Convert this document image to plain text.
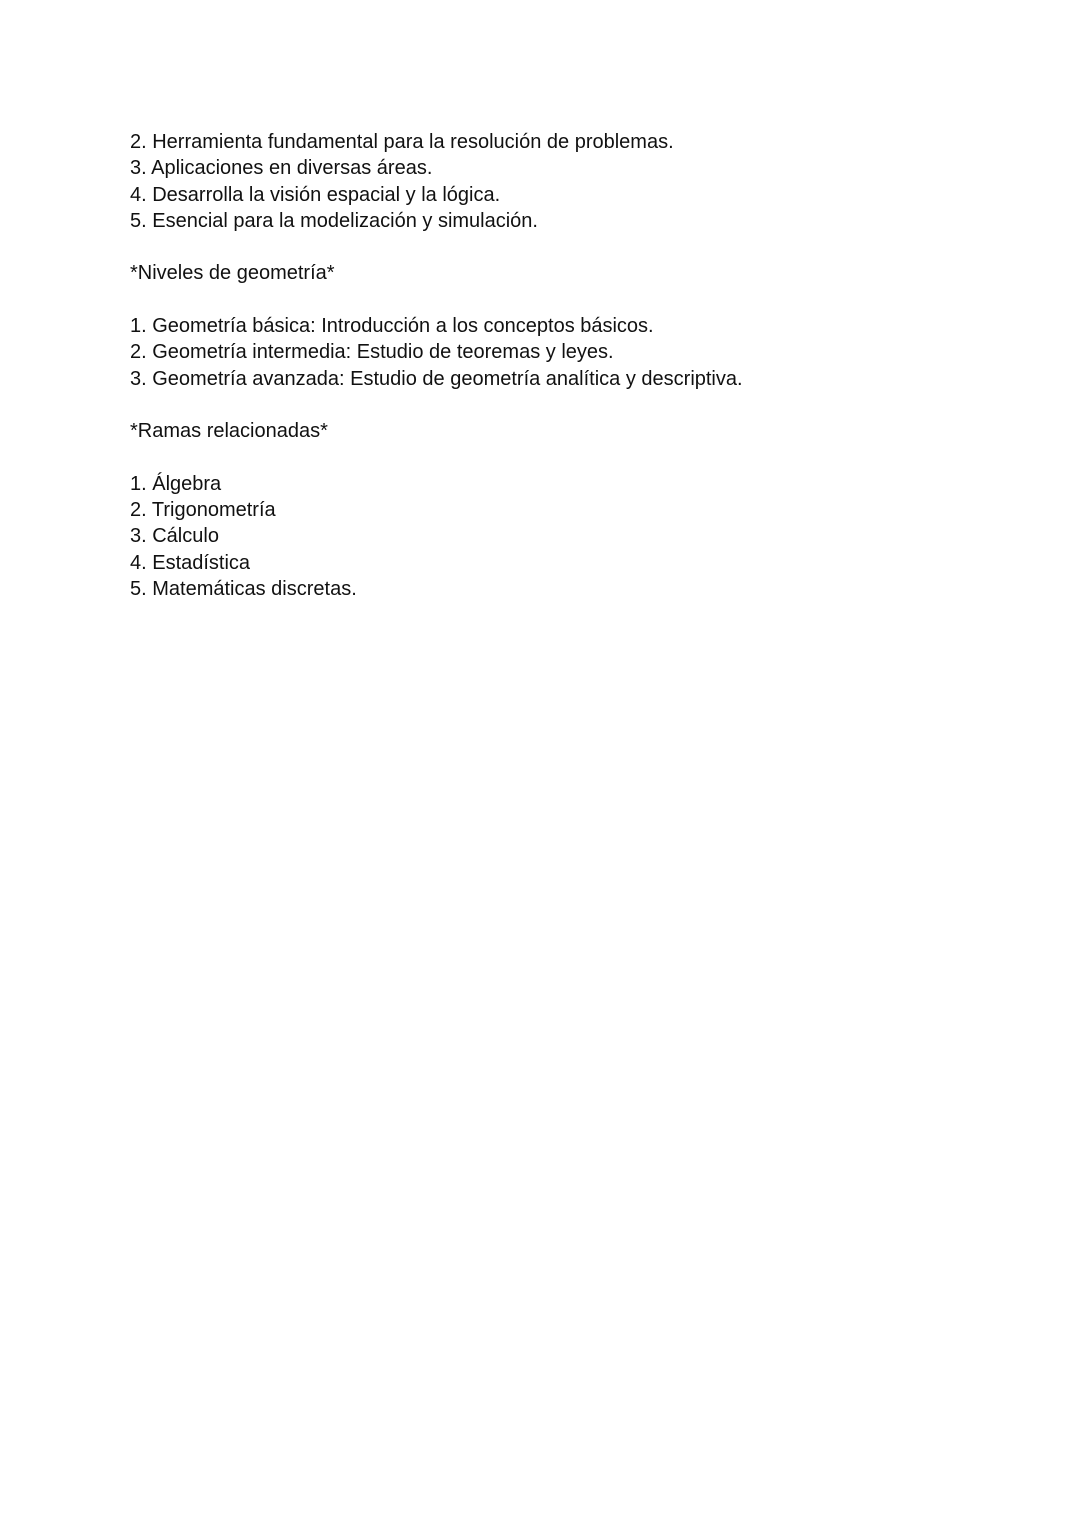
2. Herramienta fundamental para la resolución de problemas.

3. Aplicaciones en diversas áreas.

4. Desarrolla la visión espacial y la lógica.

5. Esencial para la modelización y simulación.

*Niveles de geometría*

1. Geometría básica: Introducción a los conceptos básicos.

2. Geometría intermedia: Estudio de teoremas y leyes.

3. Geometría avanzada: Estudio de geometría analítica y descriptiva.

*Ramas relacionadas*

1. Álgebra

2. Trigonometría

3. Cálculo

4. Estadística

5. Matemáticas discretas.
